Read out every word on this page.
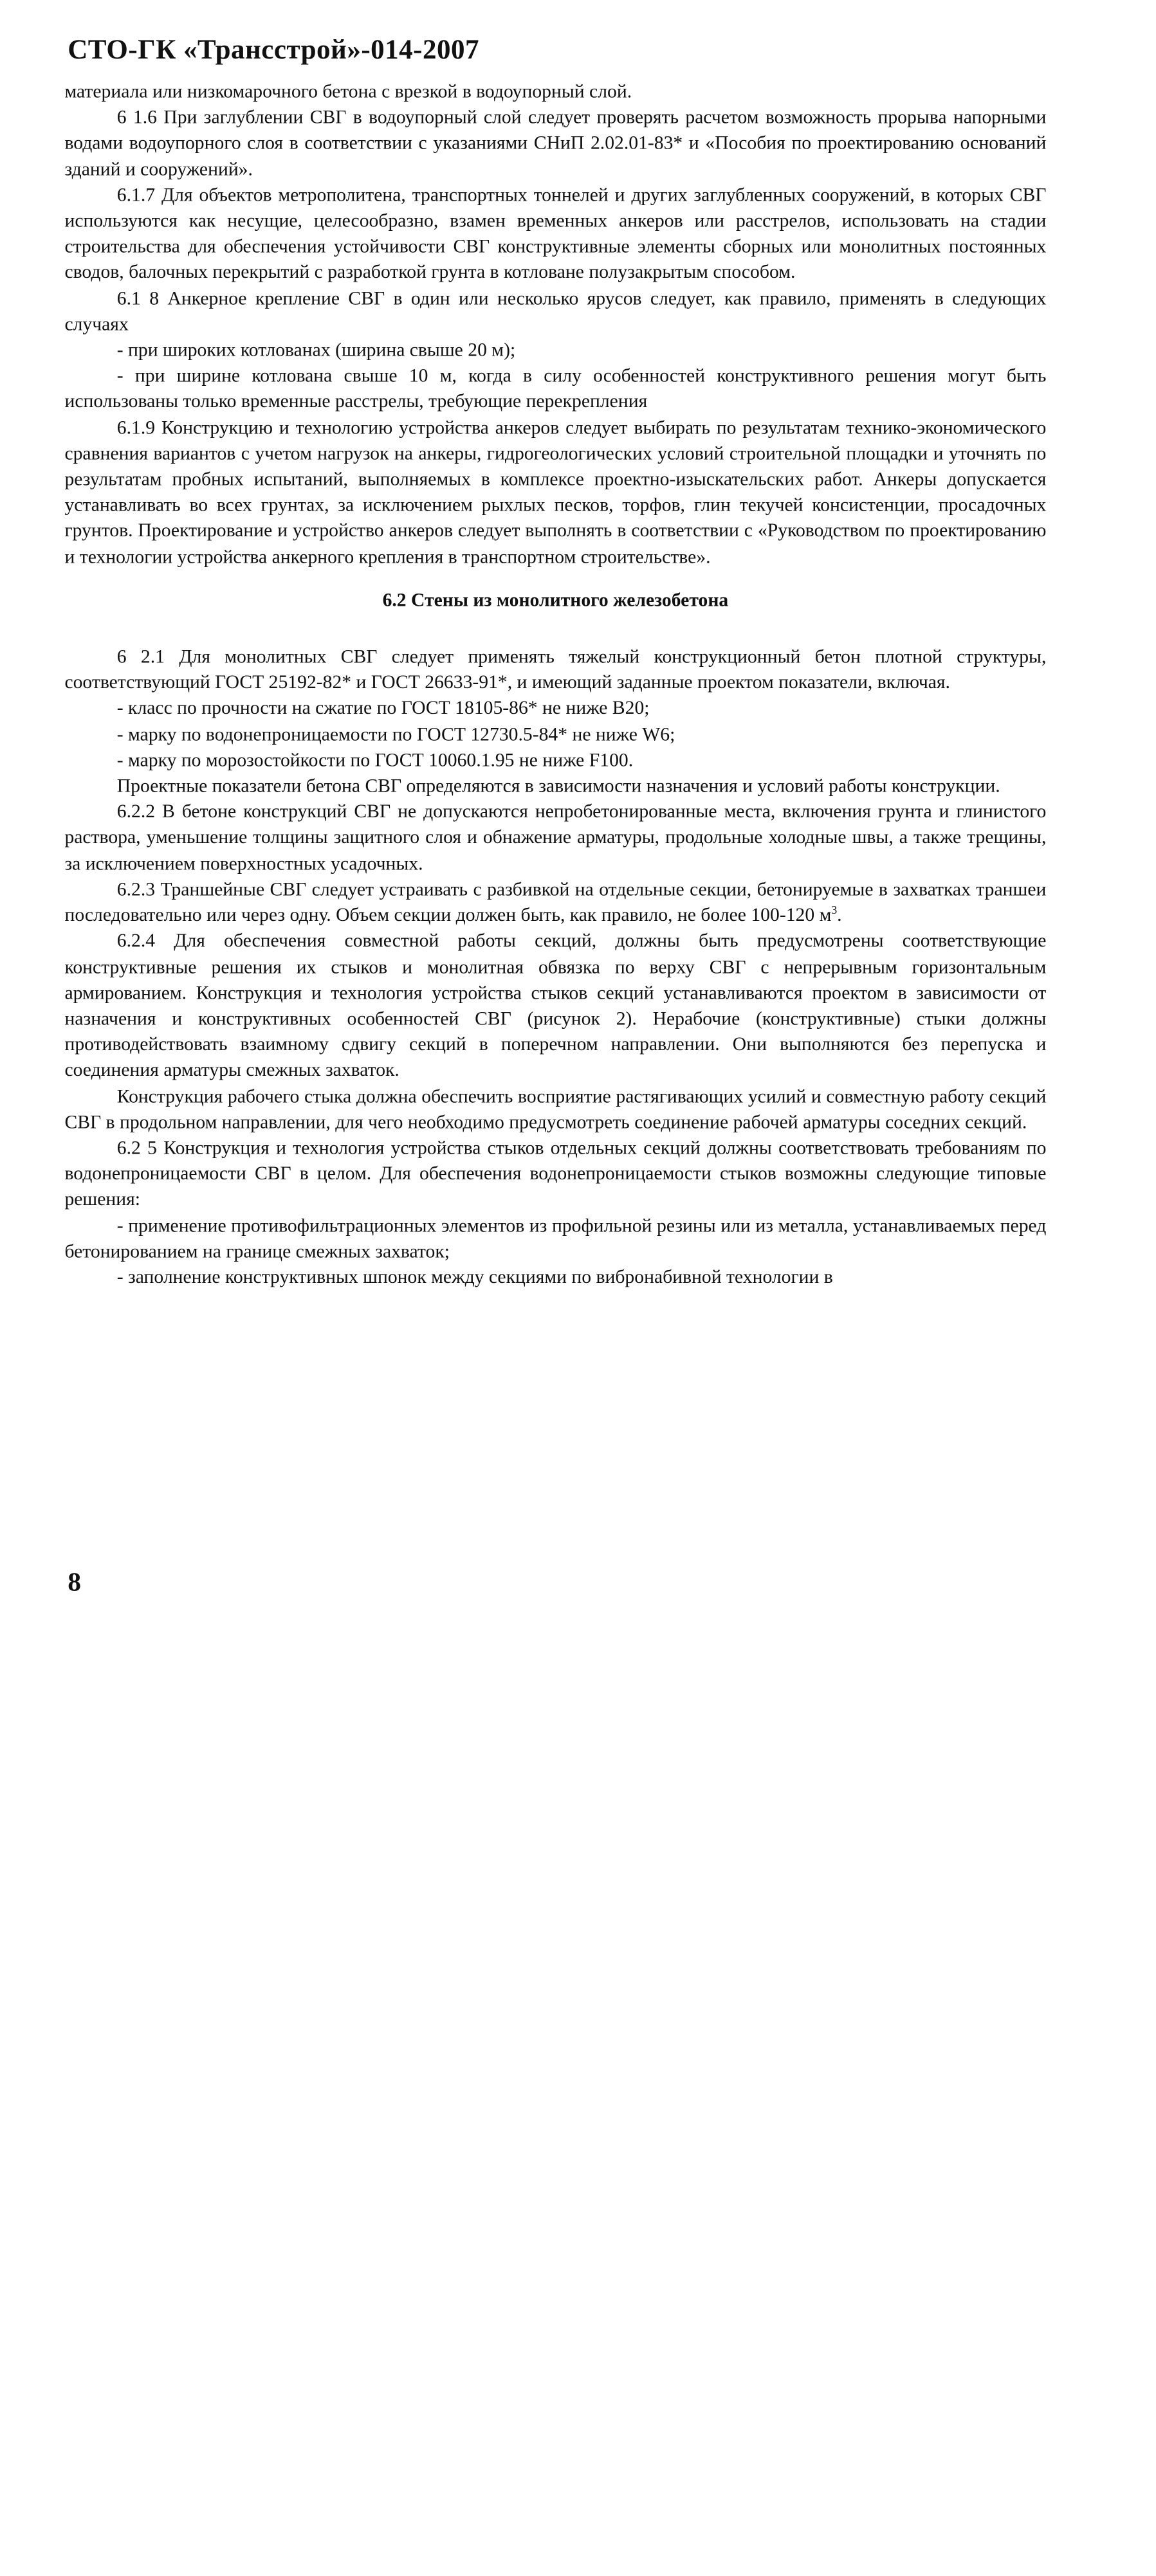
СТО-ГК «Трансстрой»-014-2007

материала или низкомарочного бетона с врезкой в водоупорный слой.

6 1.6 При заглублении СВГ в водоупорный слой следует проверять расчетом возможность прорыва напорными водами водоупорного слоя в соответствии с указаниями СНиП 2.02.01-83* и «Пособия по проектированию оснований зданий и сооружений».

6.1.7 Для объектов метрополитена, транспортных тоннелей и других заглубленных сооружений, в которых СВГ используются как несущие, целесообразно, взамен временных анкеров или расстрелов, использовать на стадии строительства для обеспечения устойчивости СВГ конструктивные элементы сборных или монолитных постоянных сводов, балочных перекрытий с разработкой грунта в котловане полузакрытым способом.

6.1 8 Анкерное крепление СВГ в один или несколько ярусов следует, как правило, применять в следующих случаях

- при широких котлованах (ширина свыше 20 м);

- при ширине котлована свыше 10 м, когда в силу особенностей конструктивного решения могут быть использованы только временные расстрелы, требующие перекрепления

6.1.9 Конструкцию и технологию устройства анкеров следует выбирать по результатам технико-экономического сравнения вариантов с учетом нагрузок на анкеры, гидрогеологических условий строительной площадки и уточнять по результатам пробных испытаний, выполняемых в комплексе проектно-изыскательских работ. Анкеры допускается устанавливать во всех грунтах, за исключением рыхлых песков, торфов, глин текучей консистенции, просадочных грунтов. Проектирование и устройство анкеров следует выполнять в соответствии с «Руководством по проектированию и технологии устройства анкерного крепления в транспортном строительстве».

6.2 Стены из монолитного железобетона

6 2.1 Для монолитных СВГ следует применять тяжелый конструкционный бетон плотной структуры, соответствующий ГОСТ 25192-82* и ГОСТ 26633-91*, и имеющий заданные проектом показатели, включая.

- класс по прочности на сжатие по ГОСТ 18105-86* не ниже B20;

- марку по водонепроницаемости по ГОСТ 12730.5-84* не ниже W6;

- марку по морозостойкости по ГОСТ 10060.1.95 не ниже F100.

Проектные показатели бетона СВГ определяются в зависимости назначения и условий работы конструкции.

6.2.2 В бетоне конструкций СВГ не допускаются непробетонированные места, включения грунта и глинистого раствора, уменьшение толщины защитного слоя и обнажение арматуры, продольные холодные швы, а также трещины, за исключением поверхностных усадочных.

6.2.3 Траншейные СВГ следует устраивать с разбивкой на отдельные секции, бетонируемые в захватках траншеи последовательно или через одну. Объем секции должен быть, как правило, не более 100-120 $м^3$.

6.2.4 Для обеспечения совместной работы секций, должны быть предусмотрены соответствующие конструктивные решения их стыков и монолитная обвязка по верху СВГ с непрерывным горизонтальным армированием. Конструкция и технология устройства стыков секций устанавливаются проектом в зависимости от назначения и конструктивных особенностей СВГ (рисунок 2). Нерабочие (конструктивные) стыки должны противодействовать взаимному сдвигу секций в поперечном направлении. Они выполняются без перепуска и соединения арматуры смежных захваток.

Конструкция рабочего стыка должна обеспечить восприятие растягивающих усилий и совместную работу секций СВГ в продольном направлении, для чего необходимо предусмотреть соединение рабочей арматуры соседних секций.

6.2 5 Конструкция и технология устройства стыков отдельных секций должны соответствовать требованиям по водонепроницаемости СВГ в целом. Для обеспечения водонепроницаемости стыков возможны следующие типовые решения:

- применение противофильтрационных элементов из профильной резины или из металла, устанавливаемых перед бетонированием на границе смежных захваток;

- заполнение конструктивных шпонок между секциями по вибронабивной технологии в

8
